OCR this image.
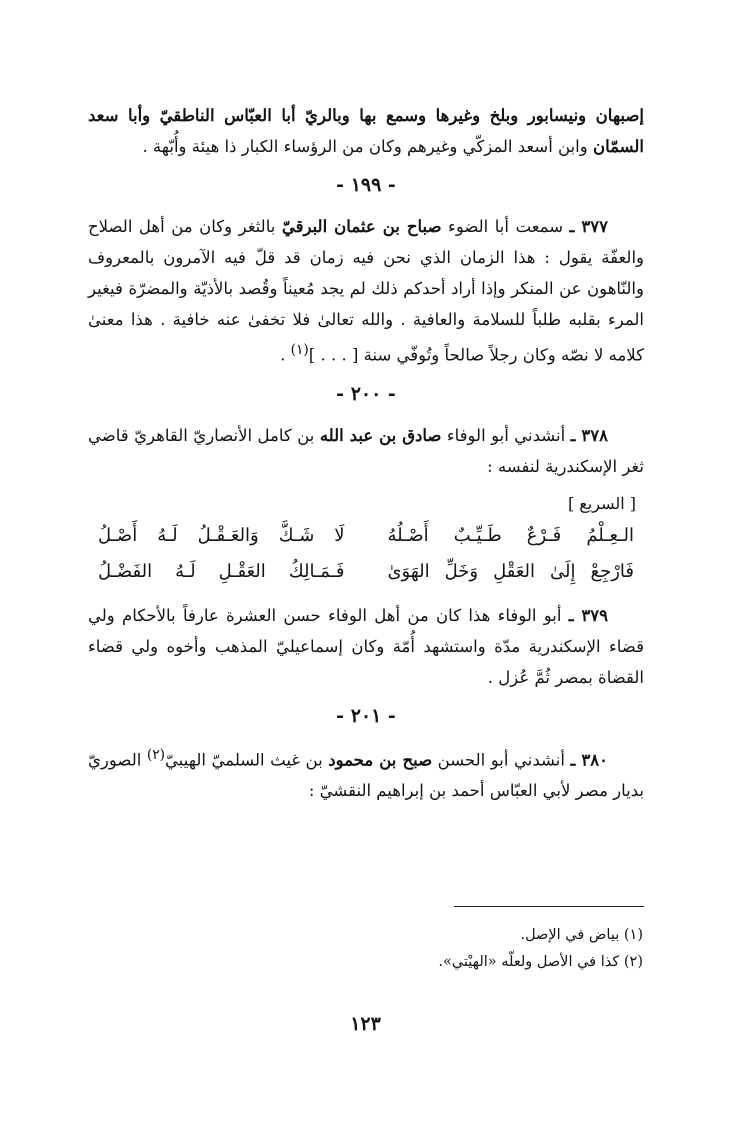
إصبهان ونيسابور وبلخ وغيرها وسمع بها وبالريّ أبا العبّاس الناطقيّ وأبا سعد السمّان وابن أسعد المزكّي وغيرهم وكان من الرؤساء الكبار ذا هيئة وأُبّهة .

- ١٩٩ -

٣٧٧ ـ سمعت أبا الضوء صباح بن عثمان البرقيّ بالثغر وكان من أهل الصلاح والعفّة يقول : هذا الزمان الذي نحن فيه زمان قد قلّ فيه الآمرون بالمعروف والنّاهون عن المنكر وإذا أراد أحدكم ذلك لم يجد مُعيناً وقُصد بالأذيّة والمضرّة فيغير المرء بقلبه طلباً للسلامة والعافية . والله تعالىٰ فلا تخفىٰ عنه خافية . هذا معنىٰ كلامه لا نصّه وكان رجلاً صالحاً وتُوفّي سنة [ . . . ]$^{(١)}$ .

- ٢٠٠ -

٣٧٨ ـ أنشدني أبو الوفاء صادق بن عبد الله بن كامل الأنصاريّ القاهريّ قاضي ثغر الإسكندرية لنفسه :

[ السريع ]
الـعِـلْمُ فَـرْعٌ طَـيِّـبٌ أَصْـلُهُ
لَا شَـكَّ وَالعَـقْـلُ لَـهُ أَصْـلُ
فَارْجِعْ إِلَىٰ العَقْلِ وَخَلِّ الهَوَىٰ
فَـمَـالِكُ العَقْـلِ لَـهُ الفَضْـلُ

٣٧٩ ـ أبو الوفاء هذا كان من أهل الوفاء حسن العشرة عارفاً بالأحكام ولي قضاء الإسكندرية مدّة واستشهد أُمّة وكان إسماعيليّ المذهب وأخوه ولي قضاء القضاة بمصر ثُمَّ عُزل .

- ٢٠١ -

٣٨٠ ـ أنشدني أبو الحسن صبح بن محمود بن غيث السلميّ الهيبيّ$^{(٢)}$ الصوريّ بديار مصر لأبي العبّاس أحمد بن إبراهيم النقشيّ :

(١) بياض في الإصل.
(٢) كذا في الأصل ولعلّه «الهيْتي».
١٢٣
